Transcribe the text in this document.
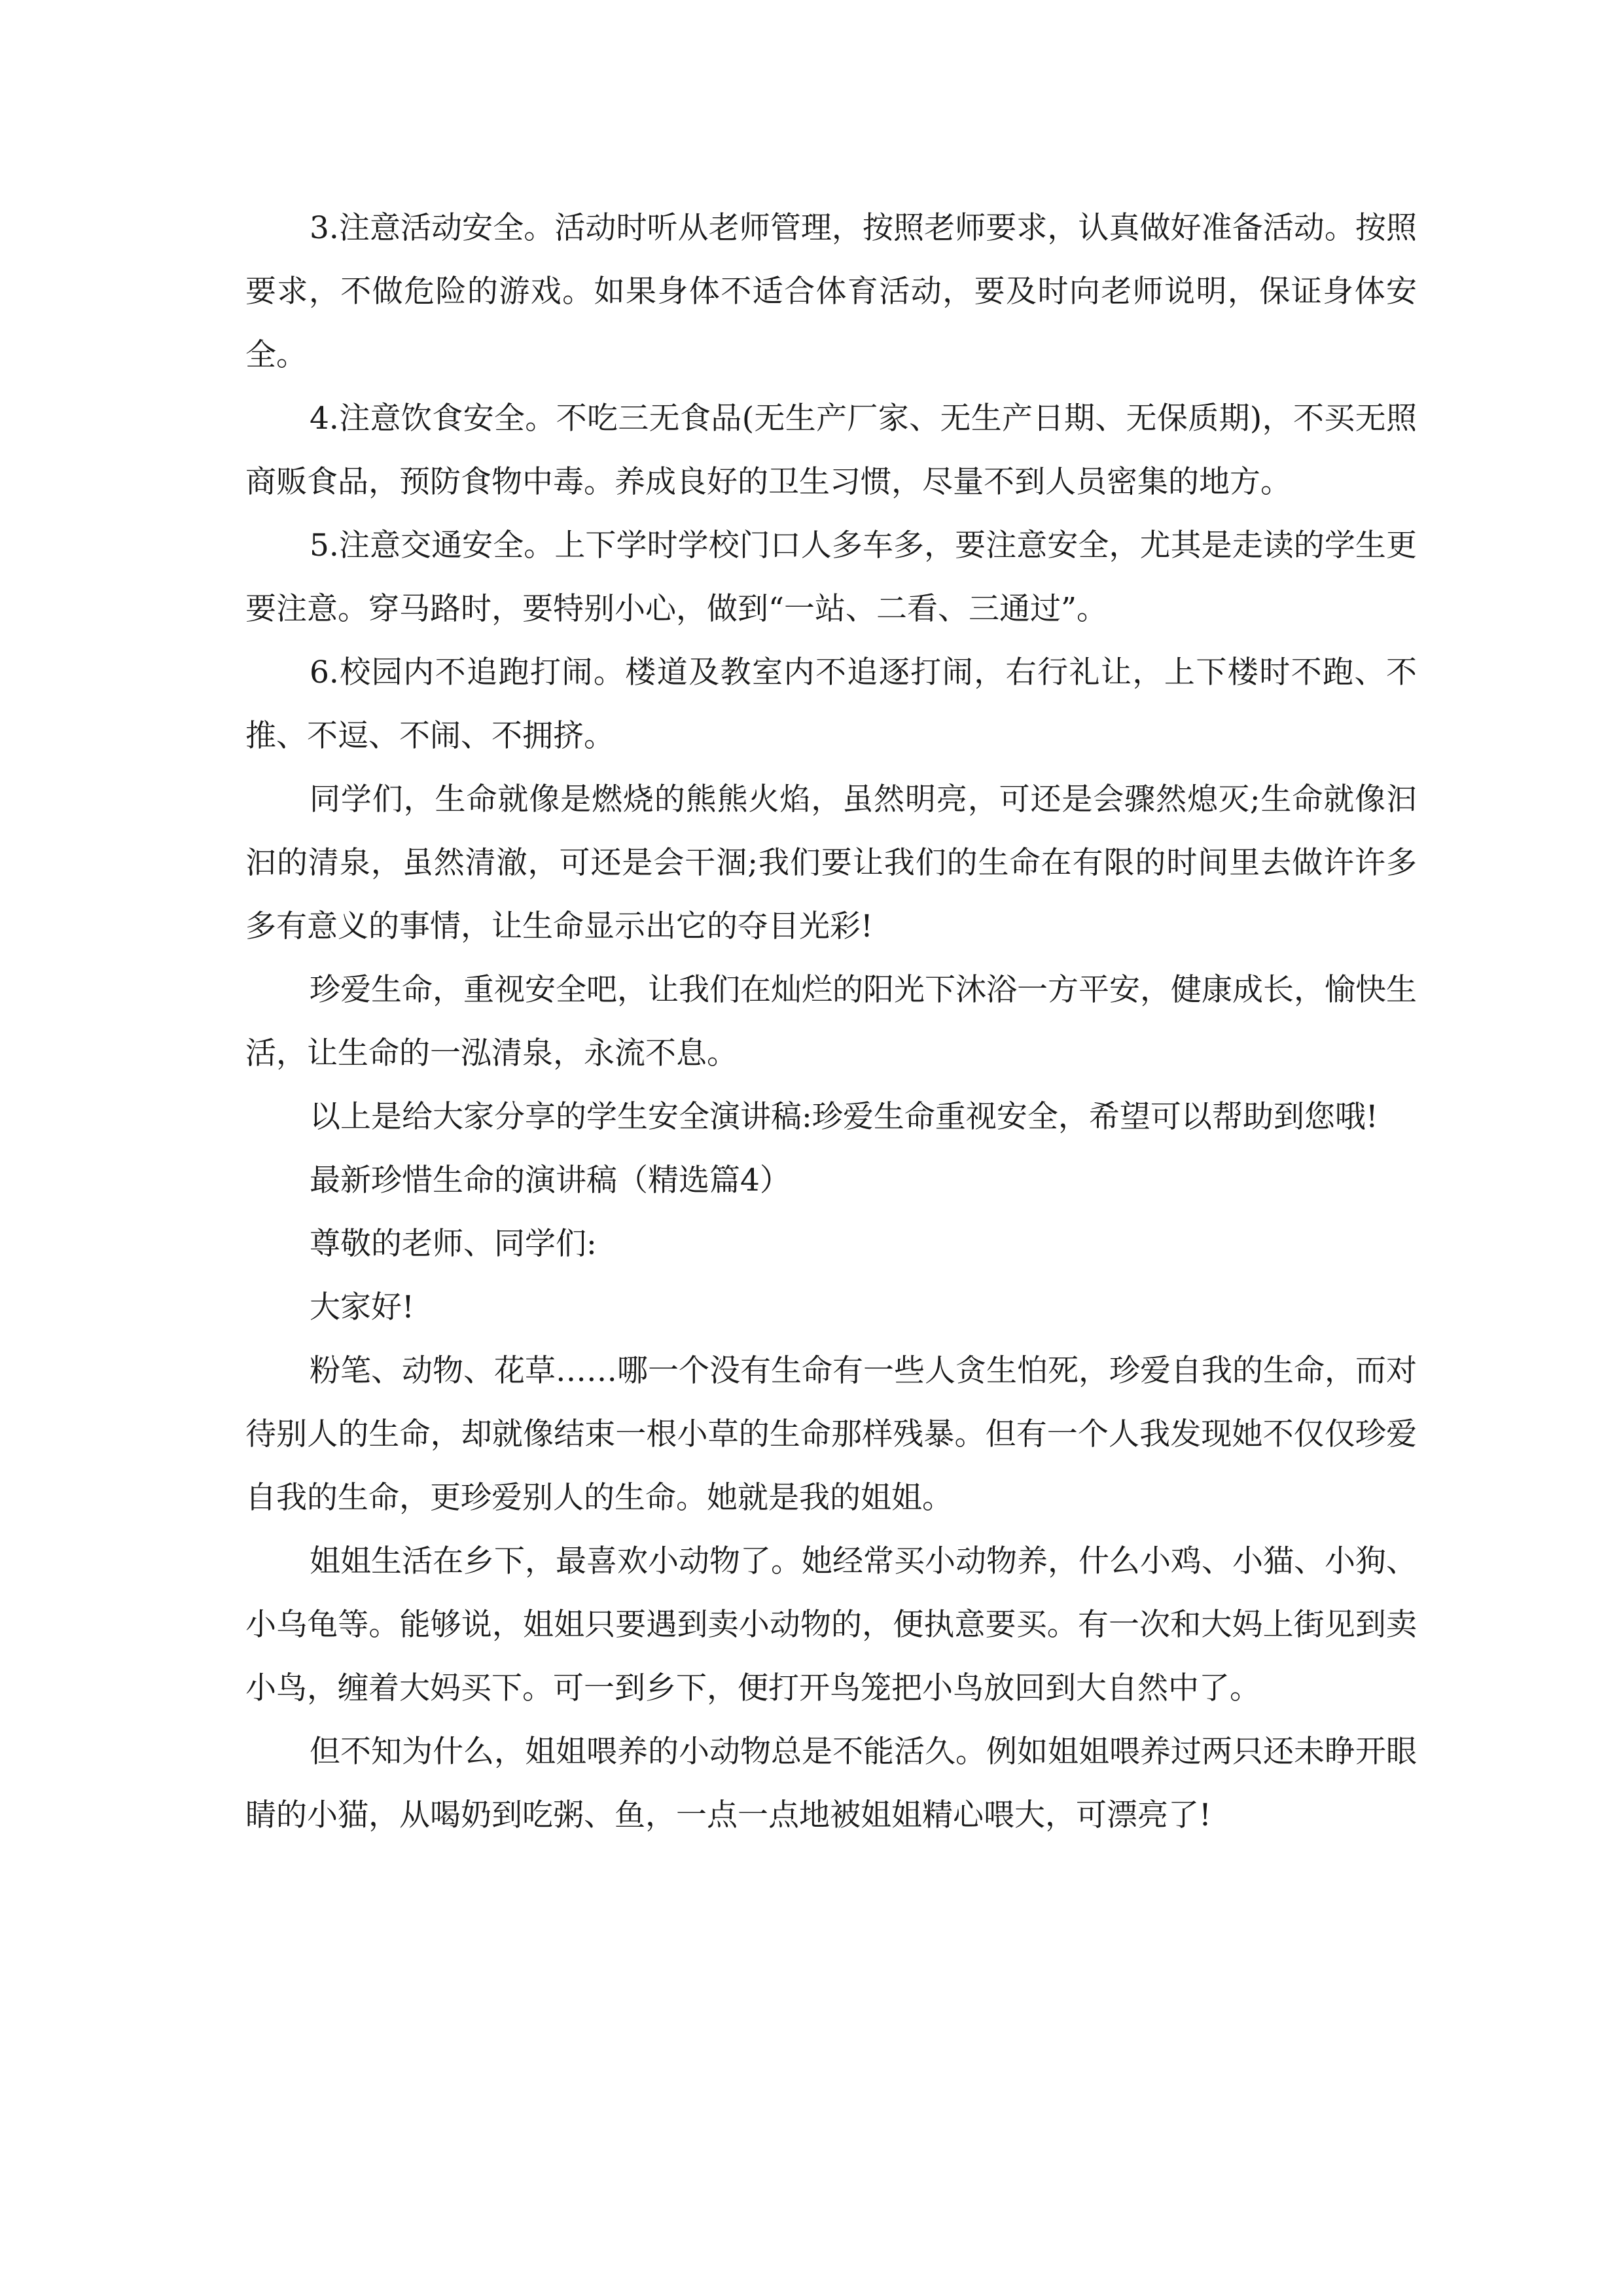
3.注意活动安全。活动时听从老师管理，按照老师要求，认真做好准备活动。按照要求，不做危险的游戏。如果身体不适合体育活动，要及时向老师说明，保证身体安全。

4.注意饮食安全。不吃三无食品(无生产厂家、无生产日期、无保质期)，不买无照商贩食品，预防食物中毒。养成良好的卫生习惯，尽量不到人员密集的地方。

5.注意交通安全。上下学时学校门口人多车多，要注意安全，尤其是走读的学生更要注意。穿马路时，要特别小心，做到“一站、二看、三通过”。

6.校园内不追跑打闹。楼道及教室内不追逐打闹，右行礼让，上下楼时不跑、不推、不逗、不闹、不拥挤。

同学们，生命就像是燃烧的熊熊火焰，虽然明亮，可还是会骤然熄灭;生命就像汩汩的清泉，虽然清澈，可还是会干涸;我们要让我们的生命在有限的时间里去做许许多多有意义的事情，让生命显示出它的夺目光彩!

珍爱生命，重视安全吧，让我们在灿烂的阳光下沐浴一方平安，健康成长，愉快生活，让生命的一泓清泉，永流不息。

以上是给大家分享的学生安全演讲稿:珍爱生命重视安全，希望可以帮助到您哦!

最新珍惜生命的演讲稿（精选篇4）

尊敬的老师、同学们:

大家好!

粉笔、动物、花草……哪一个没有生命有一些人贪生怕死，珍爱自我的生命，而对待别人的生命，却就像结束一根小草的生命那样残暴。但有一个人我发现她不仅仅珍爱自我的生命，更珍爱别人的生命。她就是我的姐姐。

姐姐生活在乡下，最喜欢小动物了。她经常买小动物养，什么小鸡、小猫、小狗、小乌龟等。能够说，姐姐只要遇到卖小动物的，便执意要买。有一次和大妈上街见到卖小鸟，缠着大妈买下。可一到乡下，便打开鸟笼把小鸟放回到大自然中了。

但不知为什么，姐姐喂养的小动物总是不能活久。例如姐姐喂养过两只还未睁开眼睛的小猫，从喝奶到吃粥、鱼，一点一点地被姐姐精心喂大，可漂亮了!
